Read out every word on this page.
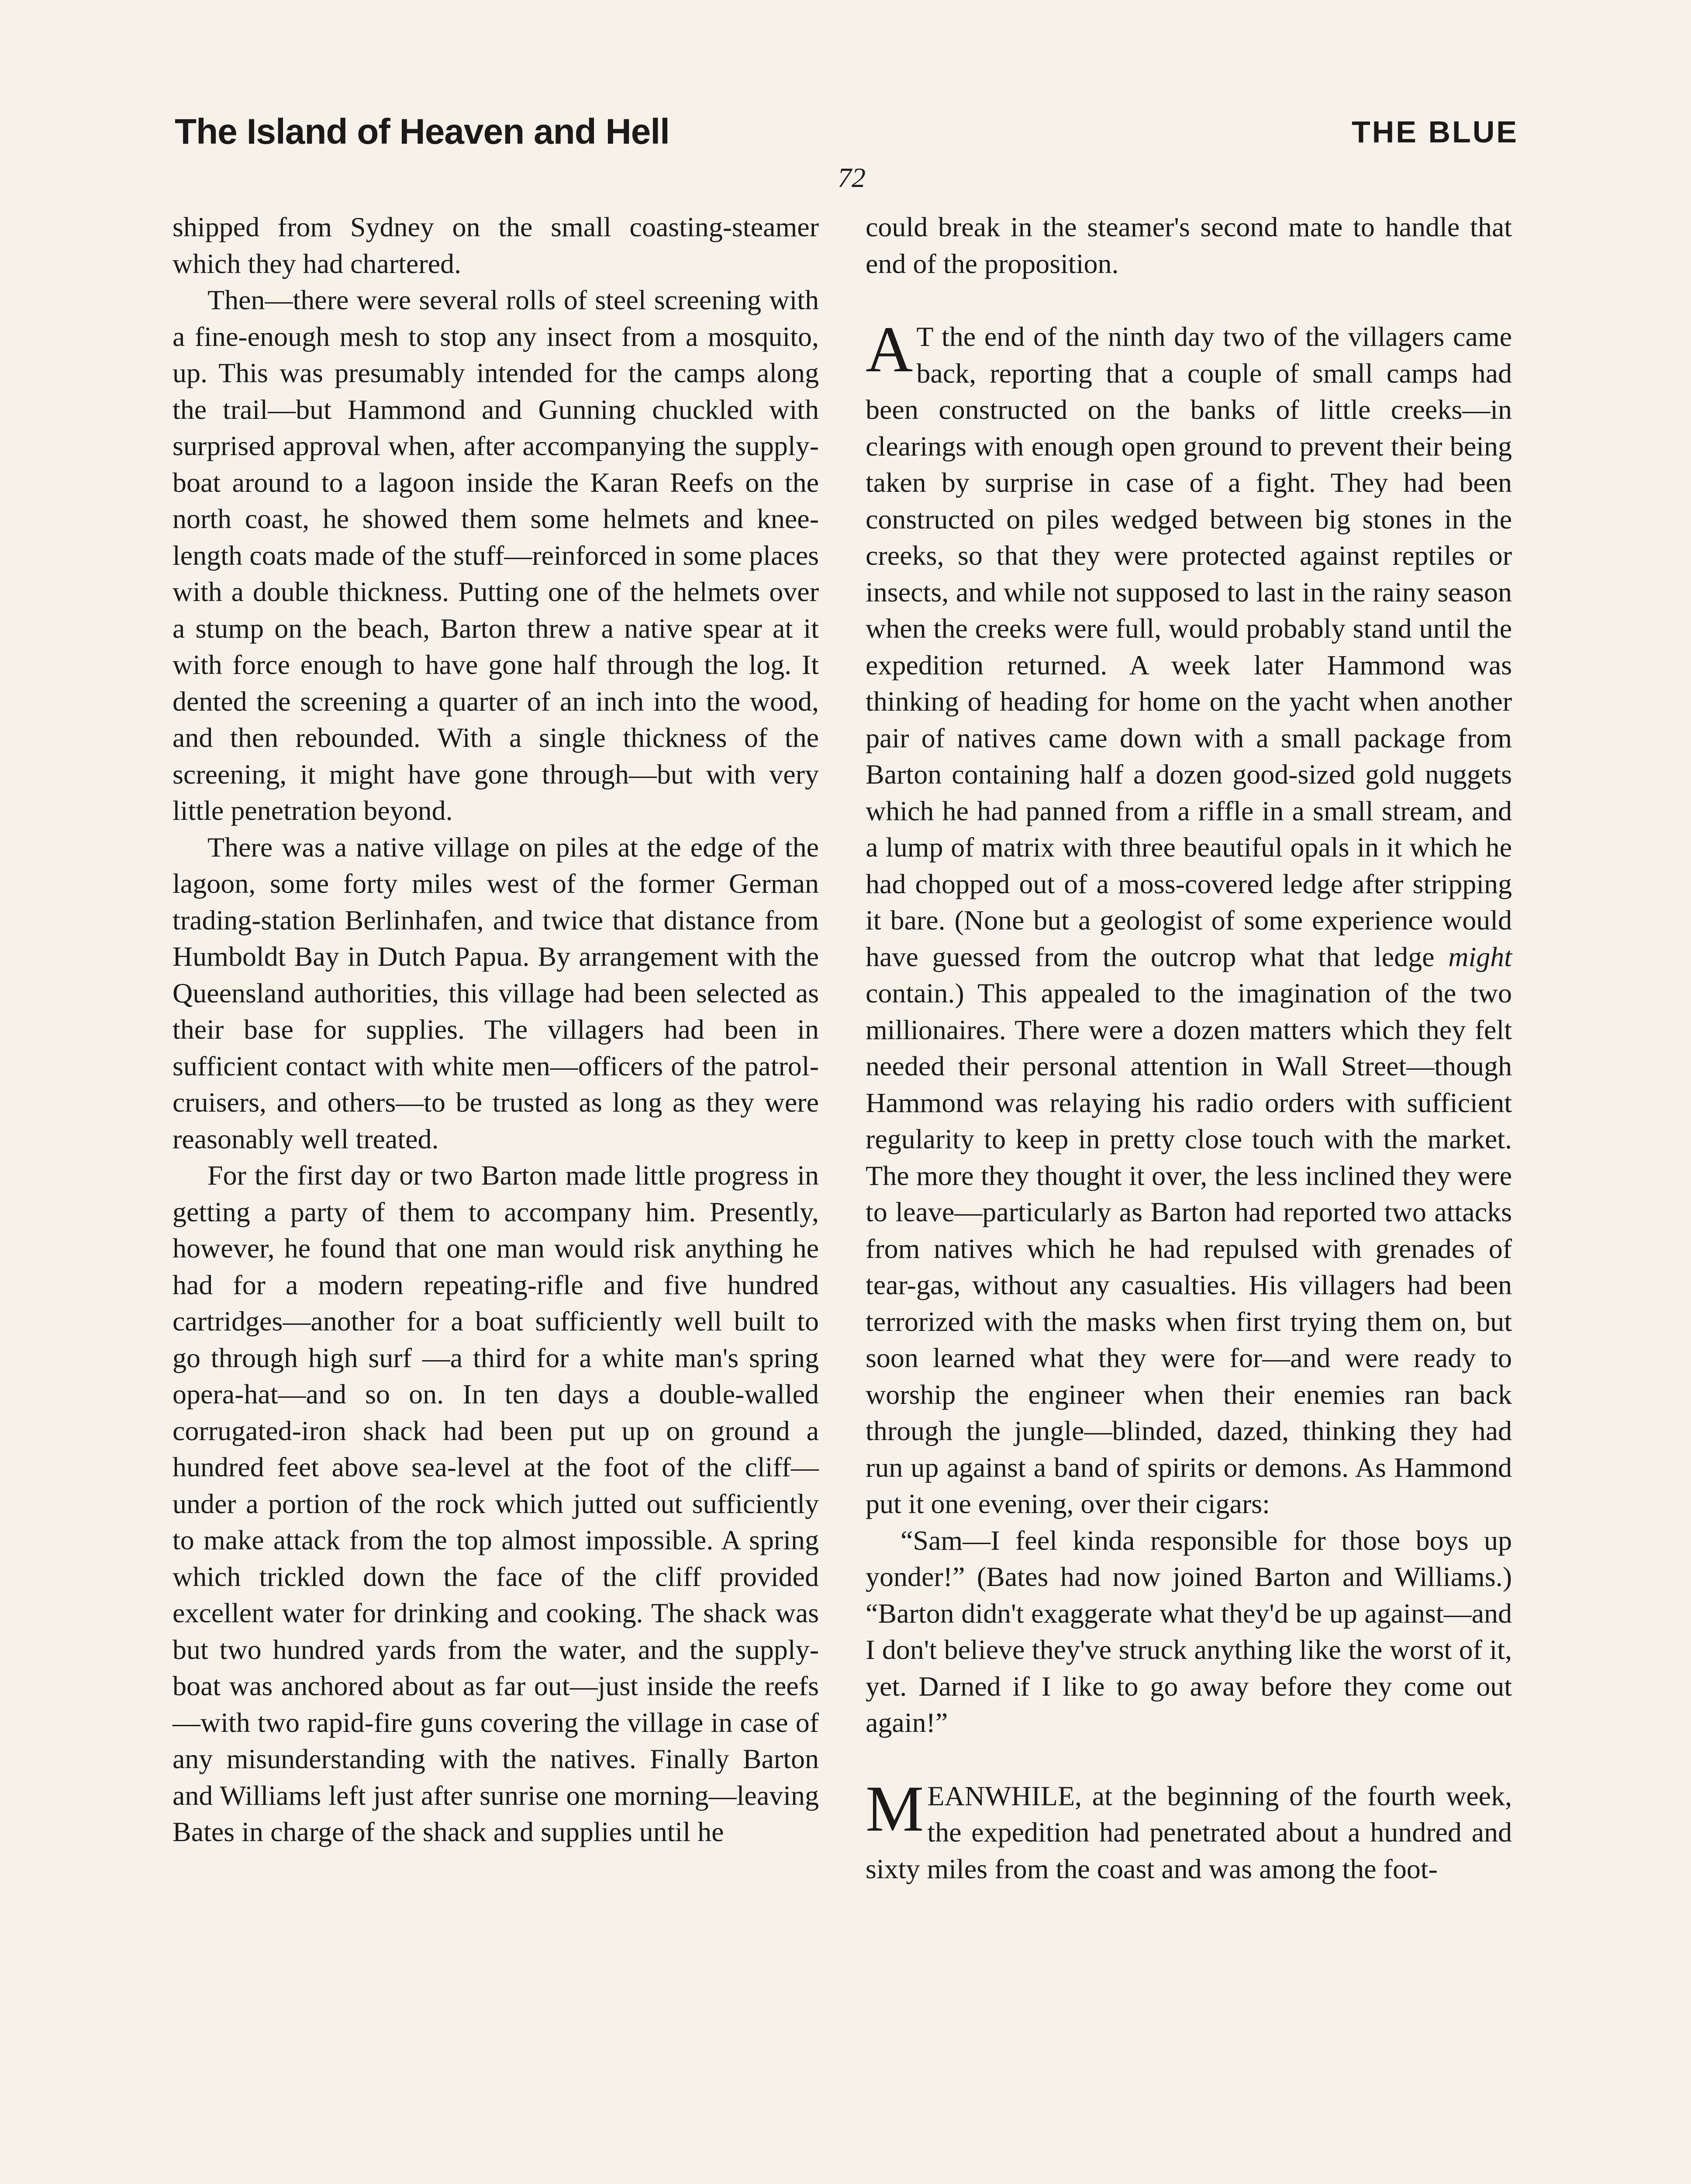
The Island of Heaven and Hell	THE BLUE
72

shipped from Sydney on the small coasting-steamer which they had chartered.

Then—there were several rolls of steel screening with a fine-enough mesh to stop any insect from a mosquito, up. This was presumably intended for the camps along the trail—but Hammond and Gunning chuckled with surprised approval when, after accompanying the supply-boat around to a lagoon inside the Karan Reefs on the north coast, he showed them some helmets and knee-length coats made of the stuff—reinforced in some places with a double thickness. Putting one of the helmets over a stump on the beach, Barton threw a native spear at it with force enough to have gone half through the log. It dented the screening a quarter of an inch into the wood, and then rebounded. With a single thickness of the screening, it might have gone through—but with very little penetration beyond.

There was a native village on piles at the edge of the lagoon, some forty miles west of the former German trading-station Berlinhafen, and twice that distance from Humboldt Bay in Dutch Papua. By arrangement with the Queensland authorities, this village had been selected as their base for supplies. The villagers had been in sufficient contact with white men—officers of the patrol-cruisers, and others—to be trusted as long as they were reasonably well treated.

For the first day or two Barton made little progress in getting a party of them to accompany him. Presently, however, he found that one man would risk anything he had for a modern repeating-rifle and five hundred cartridges—another for a boat sufficiently well built to go through high surf —a third for a white man's spring opera-hat—and so on. In ten days a double-walled corrugated-iron shack had been put up on ground a hundred feet above sea-level at the foot of the cliff—under a portion of the rock which jutted out sufficiently to make attack from the top almost impossible. A spring which trickled down the face of the cliff provided excellent water for drinking and cooking. The shack was but two hundred yards from the water, and the supply-boat was anchored about as far out—just inside the reefs—with two rapid-fire guns covering the village in case of any misunderstanding with the natives. Finally Barton and Williams left just after sunrise one morning—leaving Bates in charge of the shack and supplies until he

could break in the steamer's second mate to handle that end of the proposition.

A T the end of the ninth day two of the villagers came back, reporting that a couple of small camps had been constructed on the banks of little creeks—in clearings with enough open ground to prevent their being taken by surprise in case of a fight. They had been constructed on piles wedged between big stones in the creeks, so that they were protected against reptiles or insects, and while not supposed to last in the rainy season when the creeks were full, would probably stand until the expedition returned. A week later Hammond was thinking of heading for home on the yacht when another pair of natives came down with a small package from Barton containing half a dozen good-sized gold nuggets which he had panned from a riffle in a small stream, and a lump of matrix with three beautiful opals in it which he had chopped out of a moss-covered ledge after stripping it bare. (None but a geologist of some experience would have guessed from the outcrop what that ledge might contain.) This appealed to the imagination of the two millionaires. There were a dozen matters which they felt needed their personal attention in Wall Street—though Hammond was relaying his radio orders with sufficient regularity to keep in pretty close touch with the market. The more they thought it over, the less inclined they were to leave—particularly as Barton had reported two attacks from natives which he had repulsed with grenades of tear-gas, without any casualties. His villagers had been terrorized with the masks when first trying them on, but soon learned what they were for—and were ready to worship the engineer when their enemies ran back through the jungle—blinded, dazed, thinking they had run up against a band of spirits or demons. As Hammond put it one evening, over their cigars:

“Sam—I feel kinda responsible for those boys up yonder!” (Bates had now joined Barton and Williams.) “Barton didn't exaggerate what they'd be up against—and I don't believe they've struck anything like the worst of it, yet. Darned if I like to go away before they come out again!”

MEANWHILE, at the beginning of the fourth week, the expedition had penetrated about a hundred and sixty miles from the coast and was among the foot-
